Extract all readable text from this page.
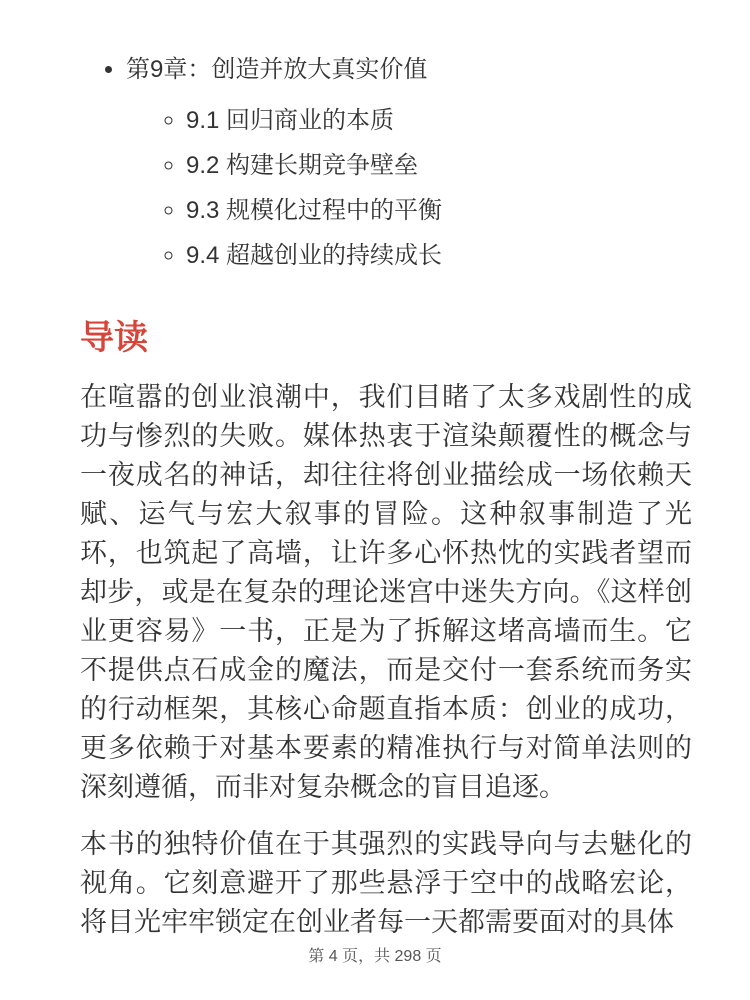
• 第9章：创造并放大真实价值
◦ 9.1 回归商业的本质
◦ 9.2 构建长期竞争壁垒
◦ 9.3 规模化过程中的平衡
◦ 9.4 超越创业的持续成长
导读

在喧嚣的创业浪潮中，我们目睹了太多戏剧性的成功与惨烈的失败。媒体热衷于渲染颠覆性的概念与一夜成名的神话，却往往将创业描绘成一场依赖天赋、运气与宏大叙事的冒险。这种叙事制造了光环，也筑起了高墙，让许多心怀热忱的实践者望而却步，或是在复杂的理论迷宫中迷失方向。《这样创业更容易》一书，正是为了拆解这堵高墙而生。它不提供点石成金的魔法，而是交付一套系统而务实的行动框架，其核心命题直指本质：创业的成功，更多依赖于对基本要素的精准执行与对简单法则的深刻遵循，而非对复杂概念的盲目追逐。

本书的独特价值在于其强烈的实践导向与去魅化的视角。它刻意避开了那些悬浮于空中的战略宏论，将目光牢牢锁定在创业者每一天都需要面对的具体

第 4 页，共 298 页
